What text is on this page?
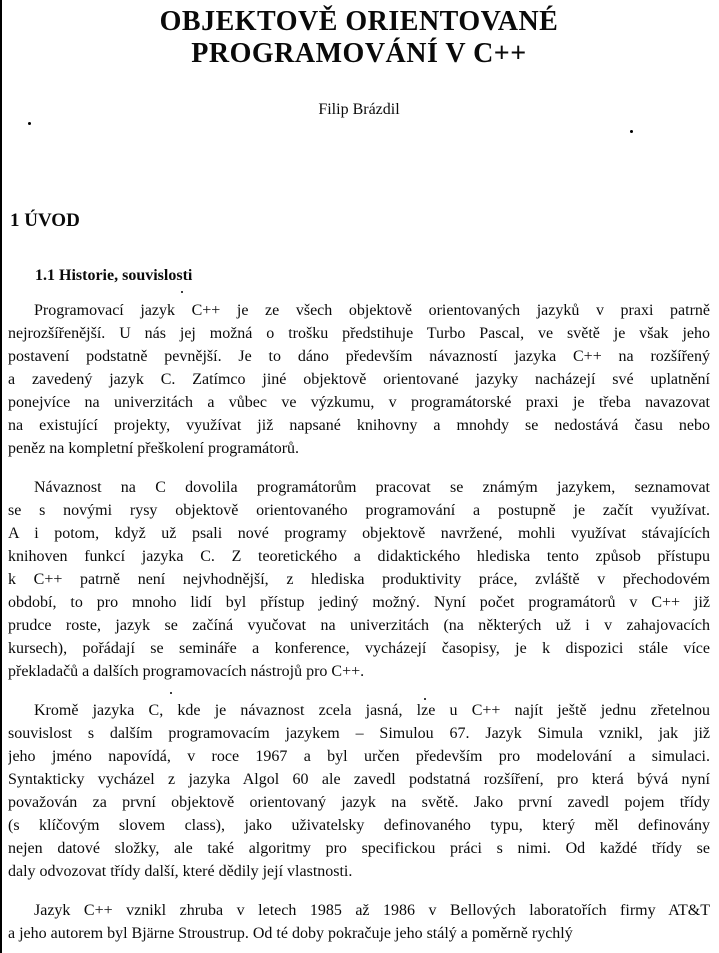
OBJEKTOVĚ ORIENTOVANÉ
PROGRAMOVÁNÍ V C++
Filip Brázdil
1 ÚVOD
1.1 Historie, souvislosti
Programovací jazyk C++ je ze všech objektově orientovaných jazyků v praxi patrně
nejrozšířenější. U nás jej možná o trošku předstihuje Turbo Pascal, ve světě je však jeho
postavení podstatně pevnější. Je to dáno především návazností jazyka C++ na rozšířený
a zavedený jazyk C. Zatímco jiné objektově orientované jazyky nacházejí své uplatnění
ponejvíce na univerzitách a vůbec ve výzkumu, v programátorské praxi je třeba navazovat
na existující projekty, využívat již napsané knihovny a mnohdy se nedostává času nebo
peněz na kompletní přeškolení programátorů.
Návaznost na C dovolila programátorům pracovat se známým jazykem, seznamovat
se s novými rysy objektově orientovaného programování a postupně je začít využívat.
A i potom, když už psali nové programy objektově navržené, mohli využívat stávajících
knihoven funkcí jazyka C. Z teoretického a didaktického hlediska tento způsob přístupu
k C++ patrně není nejvhodnější, z hlediska produktivity práce, zvláště v přechodovém
období, to pro mnoho lidí byl přístup jediný možný. Nyní počet programátorů v C++ již
prudce roste, jazyk se začíná vyučovat na univerzitách (na některých už i v zahajovacích
kursech), pořádají se semináře a konference, vycházejí časopisy, je k dispozici stále více
překladačů a dalších programovacích nástrojů pro C++.
Kromě jazyka C, kde je návaznost zcela jasná, lze u C++ najít ještě jednu zřetelnou
souvislost s dalším programovacím jazykem – Simulou 67. Jazyk Simula vznikl, jak již
jeho jméno napovídá, v roce 1967 a byl určen především pro modelování a simulaci.
Syntakticky vycházel z jazyka Algol 60 ale zavedl podstatná rozšíření, pro která bývá nyní
považován za první objektově orientovaný jazyk na světě. Jako první zavedl pojem třídy
(s klíčovým slovem class), jako uživatelsky definovaného typu, který měl definovány
nejen datové složky, ale také algoritmy pro specifickou práci s nimi. Od každé třídy se
daly odvozovat třídy další, které dědily její vlastnosti.
Jazyk C++ vznikl zhruba v letech 1985 až 1986 v Bellových laboratořích firmy AT&T
a jeho autorem byl Bjärne Stroustrup. Od té doby pokračuje jeho stálý a poměrně rychlý
